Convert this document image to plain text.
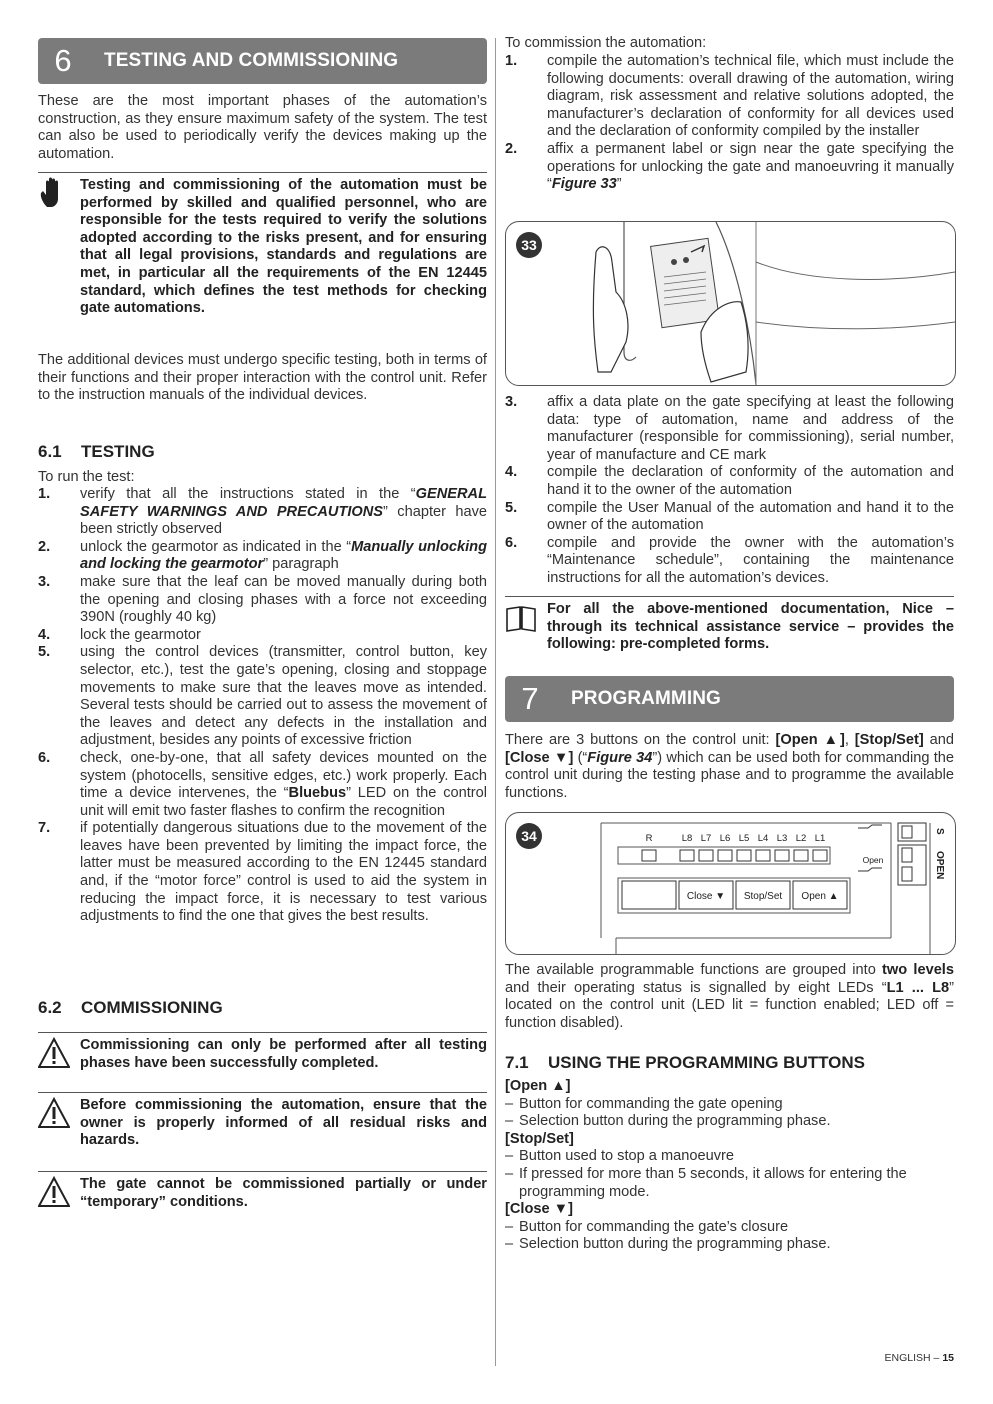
6	TESTING AND COMMISSIONING

These are the most important phases of the automation’s construction, as they ensure maximum safety of the system. The test can also be used to periodically verify the devices making up the automation.

Testing and commissioning of the automation must be performed by skilled and qualified personnel, who are responsible for the tests required to verify the solutions adopted according to the risks present, and for ensuring that all legal provisions, standards and regulations are met, in particular all the requirements of the EN 12445 standard, which defines the test methods for checking gate automations.

The additional devices must undergo specific testing, both in terms of their functions and their proper interaction with the control unit. Refer to the instruction manuals of the individual devices.

6.1 TESTING
To run the test:
1. verify that all the instructions stated in the “GENERAL SAFETY WARNINGS AND PRECAUTIONS” chapter have been strictly observed
2. unlock the gearmotor as indicated in the “Manually unlocking and locking the gearmotor” paragraph
3. make sure that the leaf can be moved manually during both the opening and closing phases with a force not exceeding 390N (roughly 40 kg)
4. lock the gearmotor
5. using the control devices (transmitter, control button, key selector, etc.), test the gate’s opening, closing and stoppage movements to make sure that the leaves move as intended. Several tests should be carried out to assess the movement of the leaves and detect any defects in the installation and adjustment, besides any points of excessive friction
6. check, one-by-one, that all safety devices mounted on the system (photocells, sensitive edges, etc.) work properly. Each time a device intervenes, the “Bluebus” LED on the control unit will emit two faster flashes to confirm the recognition
7. if potentially dangerous situations due to the movement of the leaves have been prevented by limiting the impact force, the latter must be measured according to the EN 12445 standard and, if the “motor force” control is used to aid the system in reducing the impact force, it is necessary to test various adjustments to find the one that gives the best results.
6.2 COMMISSIONING
Commissioning can only be performed after all testing phases have been successfully completed.
Before commissioning the automation, ensure that the owner is properly informed of all residual risks and hazards.
The gate cannot be commissioned partially or under “temporary” conditions.
To commission the automation:
1. compile the automation’s technical file, which must include the following documents: overall drawing of the automation, wiring diagram, risk assessment and relative solutions adopted, the manufacturer’s declaration of conformity for all devices used and the declaration of conformity compiled by the installer
2. affix a permanent label or sign near the gate specifying the operations for unlocking the gate and manoeuvring it manually “Figure 33”
33
3. affix a data plate on the gate specifying at least the following data: type of automation, name and address of the manufacturer (responsible for commissioning), serial number, year of manufacture and CE mark
4. compile the declaration of conformity of the automation and hand it to the owner of the automation
5. compile the User Manual of the automation and hand it to the owner of the automation
6. compile and provide the owner with the automation’s “Maintenance schedule”, containing the maintenance instructions for all the automation’s devices.
For all the above-mentioned documentation, Nice – through its technical assistance service – provides the following: pre-completed forms.
7	PROGRAMMING

There are 3 buttons on the control unit: [Open ▲], [Stop/Set] and [Close ▼] (“Figure 34”) which can be used both for commanding the control unit during the testing phase and to programme the available functions.

34	R	L8 L7 L6 L5 L4 L3 L2 L1
Close ▼ Stop/Set Open ▲
Open
S
OPEN

The available programmable functions are grouped into two levels and their operating status is signalled by eight LEDs “L1 ... L8” located on the control unit (LED lit = function enabled; LED off = function disabled).

7.1 USING THE PROGRAMMING BUTTONS
[Open ▲]
– Button for commanding the gate opening
– Selection button during the programming phase.
[Stop/Set]
– Button used to stop a manoeuvre
– If pressed for more than 5 seconds, it allows for entering the programming mode.
[Close ▼]
– Button for commanding the gate’s closure
– Selection button during the programming phase.
ENGLISH – 15
